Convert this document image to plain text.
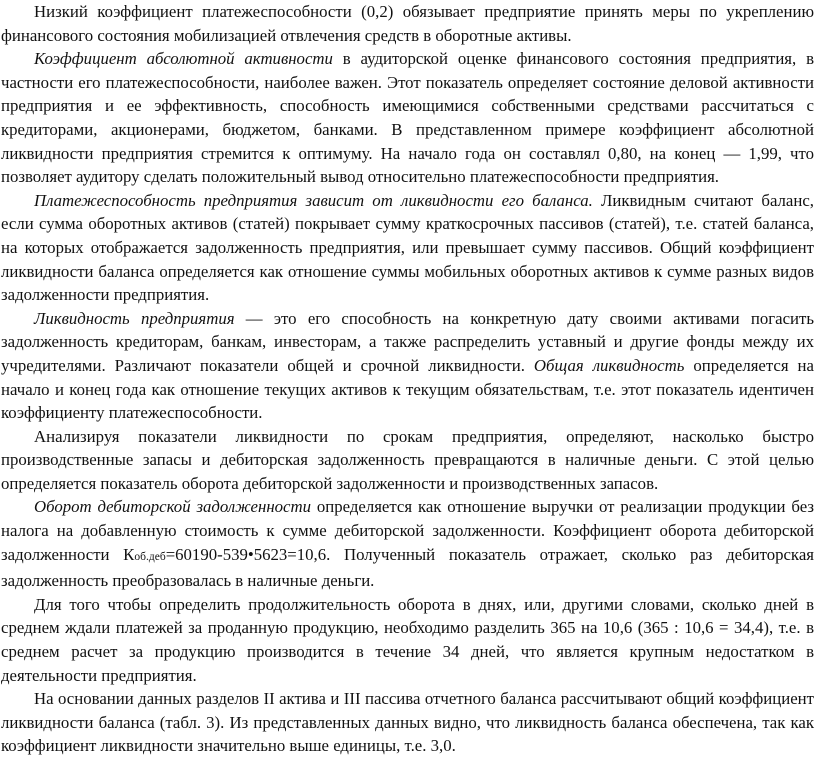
Низкий коэффициент платежеспособности (0,2) обязывает предприятие принять меры по укреплению финансового состояния мобилизацией отвлечения средств в оборотные активы.

Коэффициент абсолютной активности в аудиторской оценке финансового состояния предприятия, в частности его платежеспособности, наиболее важен. Этот показатель определяет состояние деловой активности предприятия и ее эффективность, способность имеющимися собственными средствами рассчитаться с кредиторами, акционерами, бюджетом, банками. В представленном примере коэффициент абсолютной ликвидности предприятия стремится к оптимуму. На начало года он составлял 0,80, на конец — 1,99, что позволяет аудитору сделать положительный вывод относительно платежеспособности предприятия.

Платежеспособность предприятия зависит от ликвидности его баланса. Ликвидным считают баланс, если сумма оборотных активов (статей) покрывает сумму краткосрочных пассивов (статей), т.е. статей баланса, на которых отображается задолженность предприятия, или превышает сумму пассивов. Общий коэффициент ликвидности баланса определяется как отношение суммы мобильных оборотных активов к сумме разных видов задолженности предприятия.

Ликвидность предприятия — это его способность на конкретную дату своими активами погасить задолженность кредиторам, банкам, инвесторам, а также распределить уставный и другие фонды между их учредителями. Различают показатели общей и срочной ликвидности. Общая ликвидность определяется на начало и конец года как отношение текущих активов к текущим обязательствам, т.е. этот показатель идентичен коэффициенту платежеспособности.

Анализируя показатели ликвидности по срокам предприятия, определяют, насколько быстро производственные запасы и дебиторская задолженность превращаются в наличные деньги. С этой целью определяется показатель оборота дебиторской задолженности и производственных запасов.

Оборот дебиторской задолженности определяется как отношение выручки от реализации продукции без налога на добавленную стоимость к сумме дебиторской задолженности. Коэффициент оборота дебиторской задолженности Коб.деб=60190-539•5623=10,6. Полученный показатель отражает, сколько раз дебиторская задолженность преобразовалась в наличные деньги.

Для того чтобы определить продолжительность оборота в днях, или, другими словами, сколько дней в среднем ждали платежей за проданную продукцию, необходимо разделить 365 на 10,6 (365 : 10,6 = 34,4), т.е. в среднем расчет за продукцию производится в течение 34 дней, что является крупным недостатком в деятельности предприятия.

На основании данных разделов II актива и III пассива отчетного баланса рассчитывают общий коэффициент ликвидности баланса (табл. 3). Из представленных данных видно, что ликвидность баланса обеспечена, так как коэффициент ликвидности значительно выше единицы, т.е. 3,0.
